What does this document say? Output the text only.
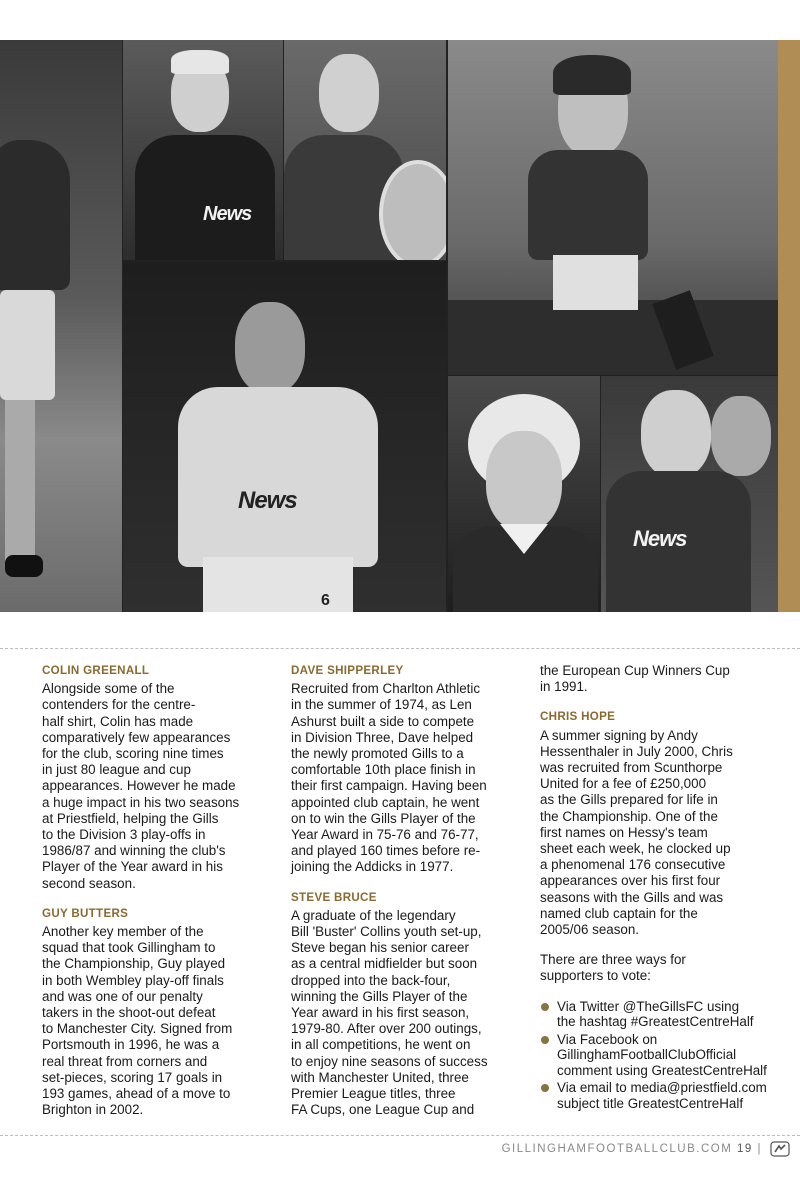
News
News
6
News
COLIN GREENALL

Alongside some of the

contenders for the centre-

half shirt, Colin has made

comparatively few appearances

for the club, scoring nine times

in just 80 league and cup

appearances. However he made

a huge impact in his two seasons

at Priestfield, helping the Gills

to the Division 3 play-offs in

1986/87 and winning the club's

Player of the Year award in his

second season.

GUY BUTTERS

Another key member of the

squad that took Gillingham to

the Championship, Guy played

in both Wembley play-off finals

and was one of our penalty

takers in the shoot-out defeat

to Manchester City. Signed from

Portsmouth in 1996, he was a

real threat from corners and

set-pieces, scoring 17 goals in

193 games, ahead of a move to

Brighton in 2002.

DAVE SHIPPERLEY

Recruited from Charlton Athletic

in the summer of 1974, as Len

Ashurst built a side to compete

in Division Three, Dave helped

the newly promoted Gills to a

comfortable 10th place finish in

their first campaign. Having been

appointed club captain, he went

on to win the Gills Player of the

Year Award in 75-76 and 76-77,

and played 160 times before re-

joining the Addicks in 1977.

STEVE BRUCE

A graduate of the legendary

Bill 'Buster' Collins youth set-up,

Steve began his senior career

as a central midfielder but soon

dropped into the back-four,

winning the Gills Player of the

Year award in his first season,

1979-80. After over 200 outings,

in all competitions, he went on

to enjoy nine seasons of success

with Manchester United, three

Premier League titles, three

FA Cups, one League Cup and

the European Cup Winners Cup

in 1991.

CHRIS HOPE

A summer signing by Andy

Hessenthaler in July 2000, Chris

was recruited from Scunthorpe

United for a fee of £250,000

as the Gills prepared for life in

the Championship. One of the

first names on Hessy's team

sheet each week, he clocked up

a phenomenal 176 consecutive

appearances over his first four

seasons with the Gills and was

named club captain for the

2005/06 season.

There are three ways for

supporters to vote:

Via Twitter @TheGillsFC using
the hashtag #GreatestCentreHalf
Via Facebook on
GillinghamFootballClubOfficial
comment using GreatestCentreHalf
Via email to media@priestfield.com
subject title GreatestCentreHalf
GILLINGHAMFOOTBALLCLUB.COM 19 |
